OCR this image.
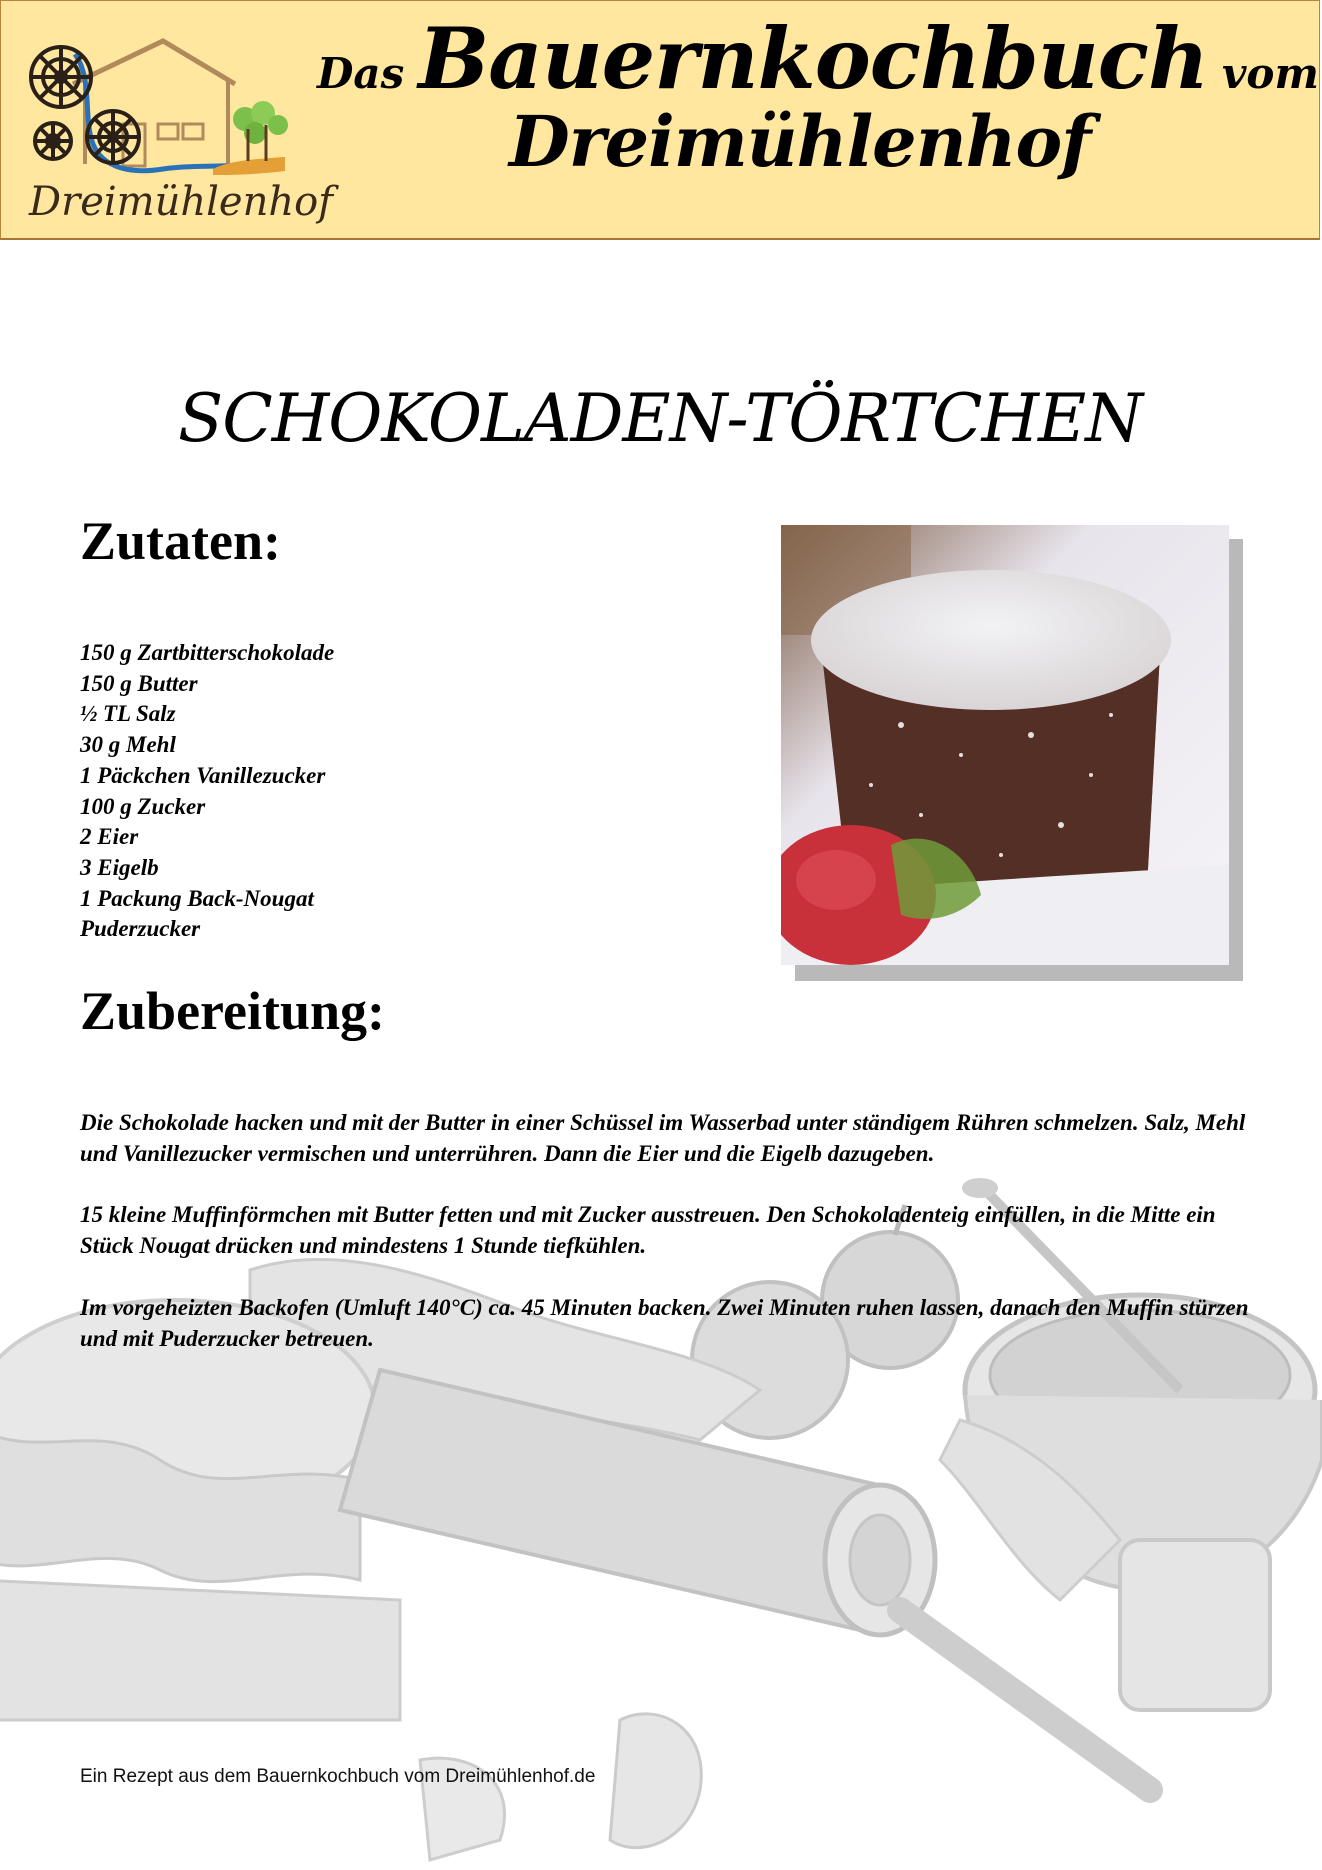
Dreimühlenhof
Das Bauernkochbuch vom
Dreimühlenhof
SCHOKOLADEN-TÖRTCHEN
Zutaten:
150 g Zartbitterschokolade
150 g Butter
½ TL Salz
30 g Mehl
1 Päckchen Vanillezucker
100 g Zucker
2 Eier
3 Eigelb
1 Packung Back-Nougat
Puderzucker
Zubereitung:

Die Schokolade hacken und mit der Butter in einer Schüssel im Wasserbad unter ständigem Rühren schmelzen. Salz, Mehl und Vanillezucker vermischen und unterrühren. Dann die Eier und die Eigelb dazugeben.

15 kleine Muffinförmchen mit Butter fetten und mit Zucker ausstreuen. Den Schokoladenteig einfüllen, in die Mitte ein Stück Nougat drücken und mindestens 1 Stunde tiefkühlen.

Im vorgeheizten Backofen (Umluft 140°C) ca. 45 Minuten backen. Zwei Minuten ruhen lassen, danach den Muffin stürzen und mit Puderzucker betreuen.

Ein Rezept aus dem Bauernkochbuch vom Dreimühlenhof.de
